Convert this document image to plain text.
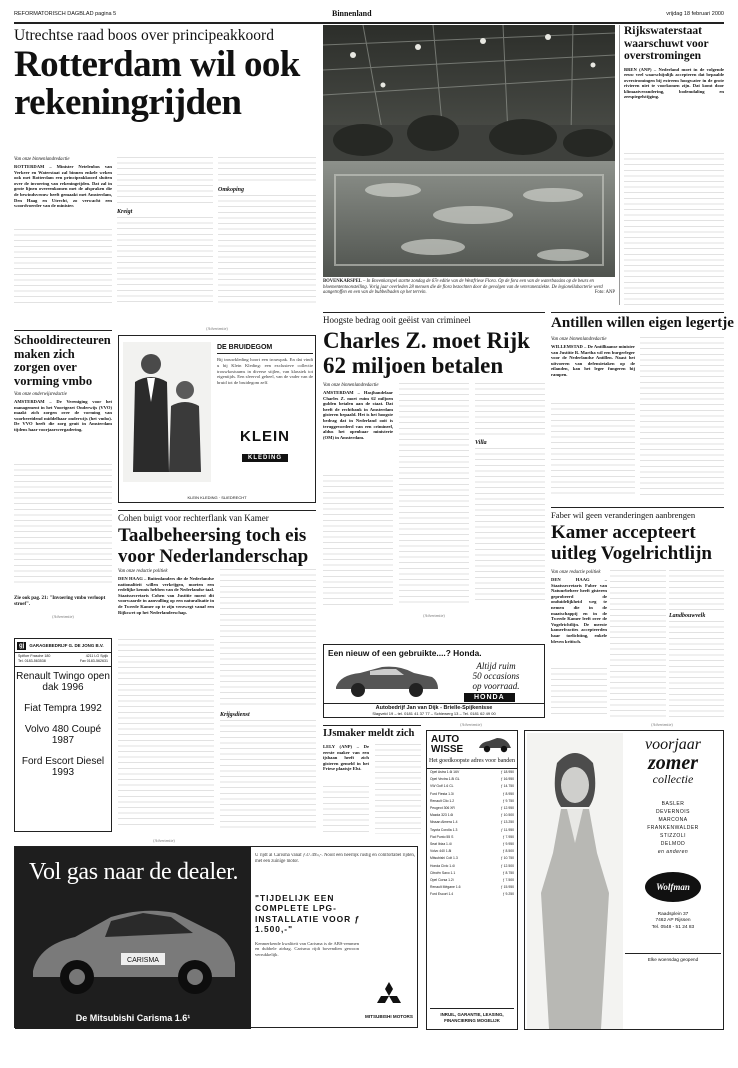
REFORMATORISCH DAGBLAD pagina 5	Binnenland	vrijdag 18 februari 2000
Utrechtse raad boos over principeakkoord
Rotterdam wil ook rekeningrijden
Van onze binnenlandredactie
ROTTERDAM – Minister Netelenbos van Verkeer en Waterstaat zal binnen enkele weken ook met Rotterdam een principeakkoord sluiten over de invoering van rekeningrijden. Dat zal in grote lijnen overeenkomen met de afspraken die de bewindsvrouw heeft gemaakt met Amsterdam, Den Haag en Utrecht, zo verwacht een woordvoerder van de minister.
Kreigt
Omkoping
BOVENKARSPEL – In Bovenkarspel startte zondag de 67e editie van de Westfriese Flora. Op de fora een van de waterbassins op de beurs en bloemententoonstelling. Vorig jaar overleden 28 mensen die de flora bezochten door de gevolgen van de veteranenziekte. De legionellabacterie werd aangetroffen en een van de bubbelbaden op het terrein.	Foto: ANP
Rijkswaterstaat waarschuwt voor overstromingen
BREN (ANP) – Nederland moet in de volgende eeuw veel waarschijnlijk accepteren dat bepaalde overstromingen bij extreem hoogwater in de grote rivieren niet te voorkomen zijn. Dat komt door klimaatverandering, bodemdaling en zeespiegelstijging.
Schooldirecteuren maken zich zorgen over vorming vmbo
Van onze onderwijsredactie
AMSTERDAM – De Vereniging voor het management in het Voortgezet Onderwijs (VVO) maakt zich zorgen over de vorming van voorbereidend middelbaar onderwijs (het vmbo). De VVO heeft die zorg geuit in Amsterdam tijdens haar voorjaarsvergadering.
Zie ook pag. 21: "Invoering vmbo verloopt stroef".
(Advertentie)
gj	GARAGEBEDRIJF G. DE JONG B.V.
Spiflorr Frasche 180	4211 LG Spijk
Tel. 0183-563538	Fax 0183-562631
Renault Twingo open dak 1996
Fiat Tempra 1992
Volvo 480 Coupé 1987
Ford Escort Diesel 1993
(Advertentie)
DE BRUIDEGOM
Bij trouwkleding hoort een trouwpak. En dat vindt u bij Klein Kleding: een exclusieve collectie trouwkostuums in diverse stijlen, van klassiek tot eigentijds. Een sfeervol geheel, van de vader van de bruid tot de bruidegom zelf.
KLEIN
KLEDING
KLEIN KLEDING · SLIEDRECHT
Cohen buigt voor rechterflank van Kamer
Taalbeheersing toch eis voor Nederlanderschap
Van onze redactie politiek
DEN HAAG – Buitenlanders die de Nederlandse nationaliteit willen verkrijgen, moeten een redelijke kennis hebben van de Nederlandse taal. Staatssecretaris Cohen van Justitie moest dit voorwaarde in aanvulling op een naturalisatie in de Tweede Kamer op te zijn verzwegt vanaf een Rijkswet op het Nederlanderschap.
Krijgsdienst
Hoogste bedrag ooit geëist van crimineel
Charles Z. moet Rijk 62 miljoen betalen
Van onze binnenlandredactie
AMSTERDAM – Hasjhandelaar Charles Z. moet ruim 62 miljoen gulden betalen aan de staat. Dat heeft de rechtbank in Amsterdam gisteren bepaald. Het is het hoogste bedrag dat in Nederland ooit is teruggevorderd van een crimineel, aldus het openbaar ministerie (OM) in Amsterdam.
Villa
(Advertentie)
Een nieuw of een gebruikte....? Honda.
Altijd ruim
50 occasions
op voorraad.
HONDA
Autobedrijf Jan van Dijk - Brielle-Spijkenisse
Slagveld 19 – tel. 0181 41 37 77 – Schiewerg 13 – Tel. 0181 62 49 00
IJsmaker meldt zich
LELY (ANP) – De eerste maker van een ijsbaan heeft zich gisteren gemeld in het Friese plaatsje Elst.
(Advertentie)
AUTO WISSE
Het goedkoopste adres voor banden
Opel Astra 1.6i 16V	ƒ 18.950
Opel Vectra 1.8i GL	ƒ 16.950
VW Golf 1.6 CL	ƒ 14.750
Ford Fiesta 1.3i	ƒ 8.950
Renault Clio 1.2	ƒ 9.750
Peugeot 306 XR	ƒ 12.950
Mazda 323 1.6i	ƒ 10.500
Nissan Almera 1.4	ƒ 13.250
Toyota Corolla 1.3	ƒ 11.950
Fiat Punto 55 S	ƒ 7.950
Seat Ibiza 1.4i	ƒ 9.950
Volvo 440 1.8i	ƒ 8.500
Mitsubishi Colt 1.3	ƒ 10.750
Honda Civic 1.4i	ƒ 12.500
Citroën Saxo 1.1	ƒ 8.750
Opel Corsa 1.2i	ƒ 7.500
Renault Mégane 1.6	ƒ 15.950
Ford Escort 1.4	ƒ 9.250
INRUIL, GARANTIE, LEASING, FINANCIERING MOGELIJK
Antillen willen eigen legertje
Van onze binnenlandredactie
WILLEMSTAD – De Antilliaanse minister van Justitie R. Martha wil een burgerleger voor de Nederlandse Antillen. Naast het uitvoeren van defensietaken op de eilanden, kan het leger fungeren bij rampen.
Faber wil geen veranderingen aanbrengen
Kamer accepteert uitleg Vogelrichtlijn
Van onze redactie politiek
DEN HAAG – Staatssecretaris Faber van Natuurbeheer heeft gisteren geprobeerd de onduidelijkheid weg te nemen die in de maatschappij en in de Tweede Kamer leeft over de Vogelrichtlijn. De meeste kamerfracties accepteerden haar toelichting, enkele bleven kritisch.
Landbouwvelk
(Advertentie)
voorjaar
zomer
collectie
BASLER
DEVERNOIS
MARCONA
FRANKENWALDER
STIZZOLI
DELMOD
en anderen
Wolfman
Raadsplein 37
7462 AP Rijssen
Tel. 0548 - 51 24 83
Elke woensdag geopend
(Advertentie)
Vol gas naar de dealer.
CARISMA
De Mitsubishi Carisma 1.6¹
U rijdt al Carisma vanaf ƒ37.495,-. Nooit een heerlijk rustig en comfortabel rijden, met een zuinige motor.
"TIJDELIJK EEN COMPLETE LPG-INSTALLATIE VOOR ƒ 1.500,-"
Kenmerkende kwaliteit van Carisma is de ABS-remmen en dubbele airbag. Carisma rijdt bovendien gewoon verrukkelijk.
MITSUBISHI MOTORS
